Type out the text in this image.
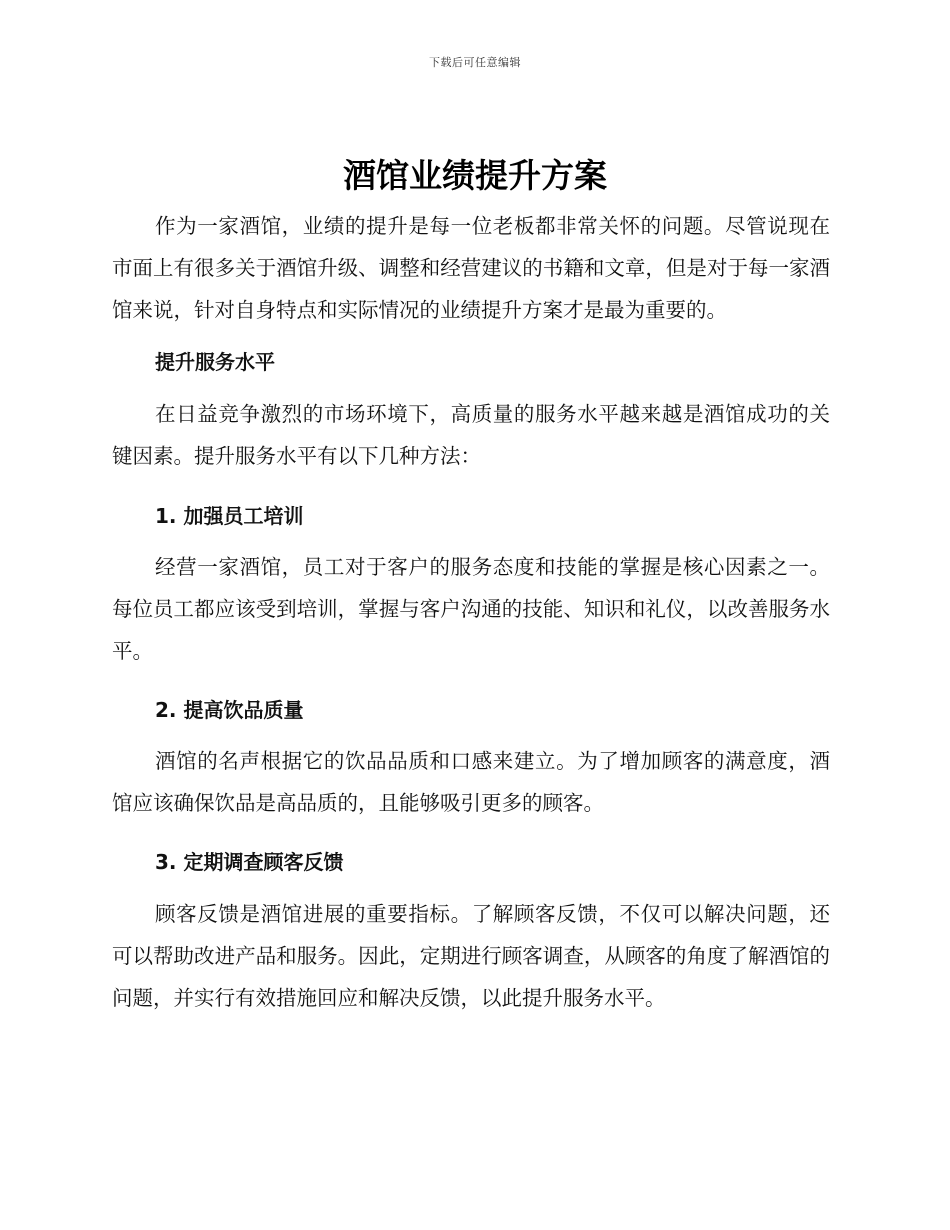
下载后可任意编辑
酒馆业绩提升方案

作为一家酒馆，业绩的提升是每一位老板都非常关怀的问题。尽管说现在市面上有很多关于酒馆升级、调整和经营建议的书籍和文章，但是对于每一家酒馆来说，针对自身特点和实际情况的业绩提升方案才是最为重要的。

提升服务水平

在日益竞争激烈的市场环境下，高质量的服务水平越来越是酒馆成功的关键因素。提升服务水平有以下几种方法：

1. 加强员工培训

经营一家酒馆，员工对于客户的服务态度和技能的掌握是核心因素之一。每位员工都应该受到培训，掌握与客户沟通的技能、知识和礼仪，以改善服务水平。

2. 提高饮品质量

酒馆的名声根据它的饮品品质和口感来建立。为了增加顾客的满意度，酒馆应该确保饮品是高品质的，且能够吸引更多的顾客。

3. 定期调查顾客反馈

顾客反馈是酒馆进展的重要指标。了解顾客反馈，不仅可以解决问题，还可以帮助改进产品和服务。因此，定期进行顾客调查，从顾客的角度了解酒馆的问题，并实行有效措施回应和解决反馈，以此提升服务水平。
